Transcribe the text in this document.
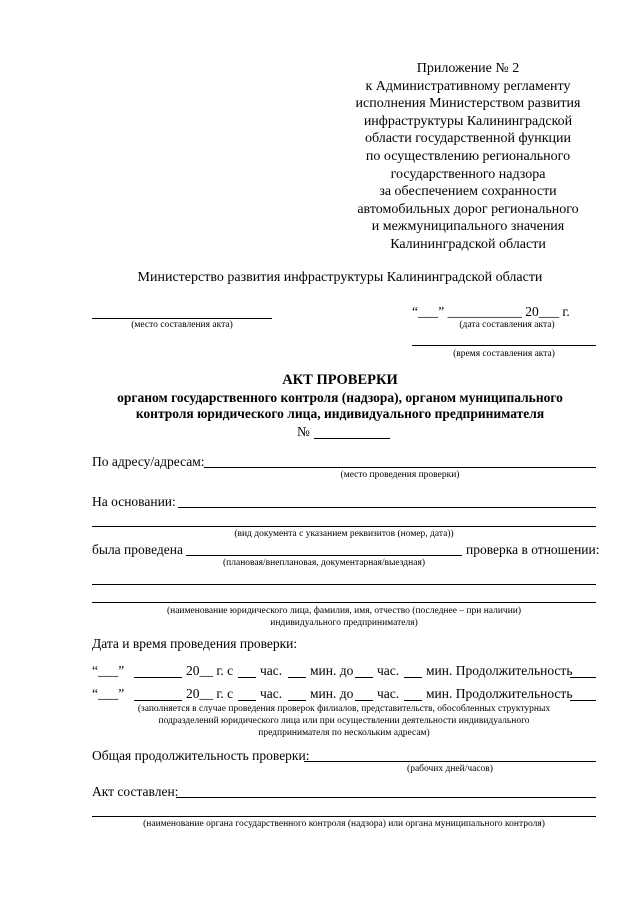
Приложение № 2
к Административному регламенту
исполнения Министерством развития
инфраструктуры Калининградской
области государственной функции
по осуществлению регионального
государственного надзора
за обеспечением сохранности
автомобильных дорог регионального
и межмуниципального значения
Калининградской области
Министерство развития инфраструктуры Калининградской области
(место составления акта)
“___” ___________ 20___ г.
(дата составления акта)
(время составления акта)
АКТ ПРОВЕРКИ
органом государственного контроля (надзора), органом муниципального
контроля юридического лица, индивидуального предпринимателя
№
По адресу/адресам:
(место проведения проверки)
На основании:
(вид документа с указанием реквизитов (номер, дата))
была проведена	проверка в отношении:
(плановая/внеплановая, документарная/выездная)
(наименование юридического лица, фамилия, имя, отчество (последнее – при наличии)
индивидуального предпринимателя)
Дата и время проведения проверки:
“___”	20__ г. с час. мин. до час. мин. Продолжительность
“___”	20__ г. с час. мин. до час. мин. Продолжительность
(заполняется в случае проведения проверок филиалов, представительств, обособленных структурных
подразделений юридического лица или при осуществлении деятельности индивидуального
предпринимателя по нескольким адресам)
Общая продолжительность проверки:
(рабочих дней/часов)
Акт составлен:
(наименование органа государственного контроля (надзора) или органа муниципального контроля)
